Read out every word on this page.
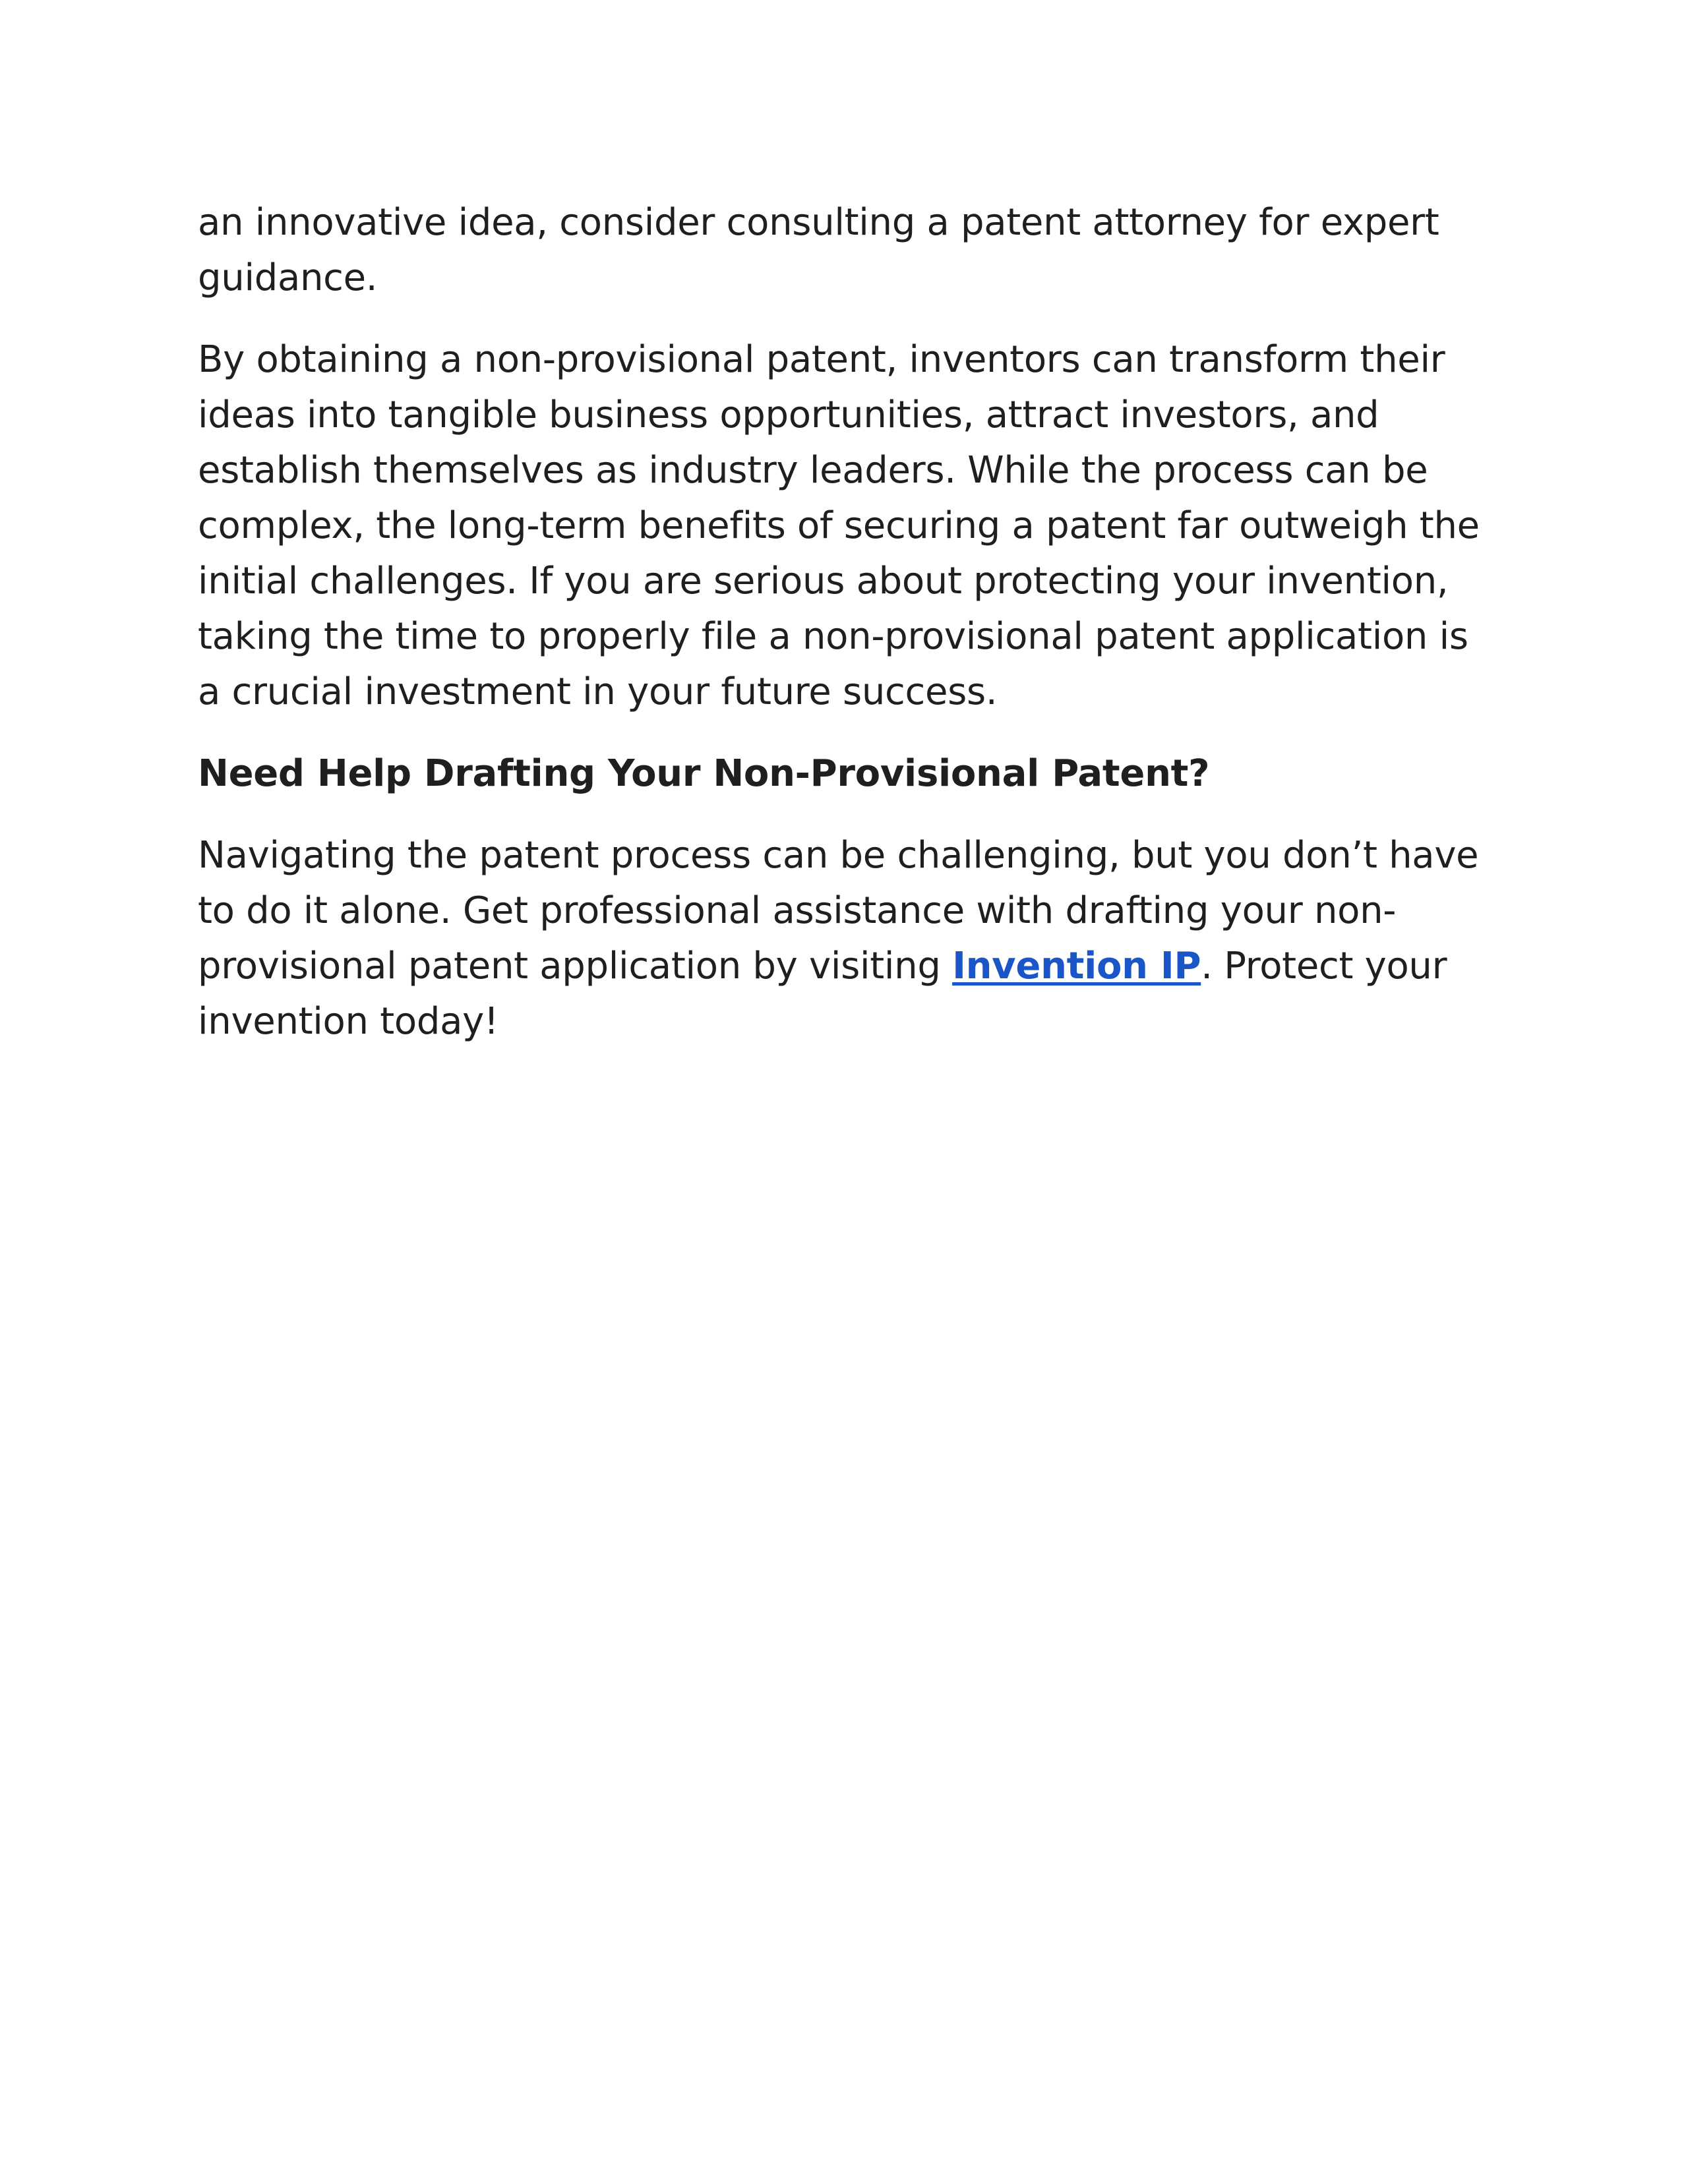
an innovative idea, consider consulting a patent attorney for expert guidance.

By obtaining a non-provisional patent, inventors can transform their ideas into tangible business opportunities, attract investors, and establish themselves as industry leaders. While the process can be complex, the long-term benefits of securing a patent far outweigh the initial challenges. If you are serious about protecting your invention, taking the time to properly file a non-provisional patent application is a crucial investment in your future success.

Need Help Drafting Your Non-Provisional Patent?

Navigating the patent process can be challenging, but you don’t have to do it alone. Get professional assistance with drafting your non-provisional patent application by visiting Invention IP. Protect your invention today!
